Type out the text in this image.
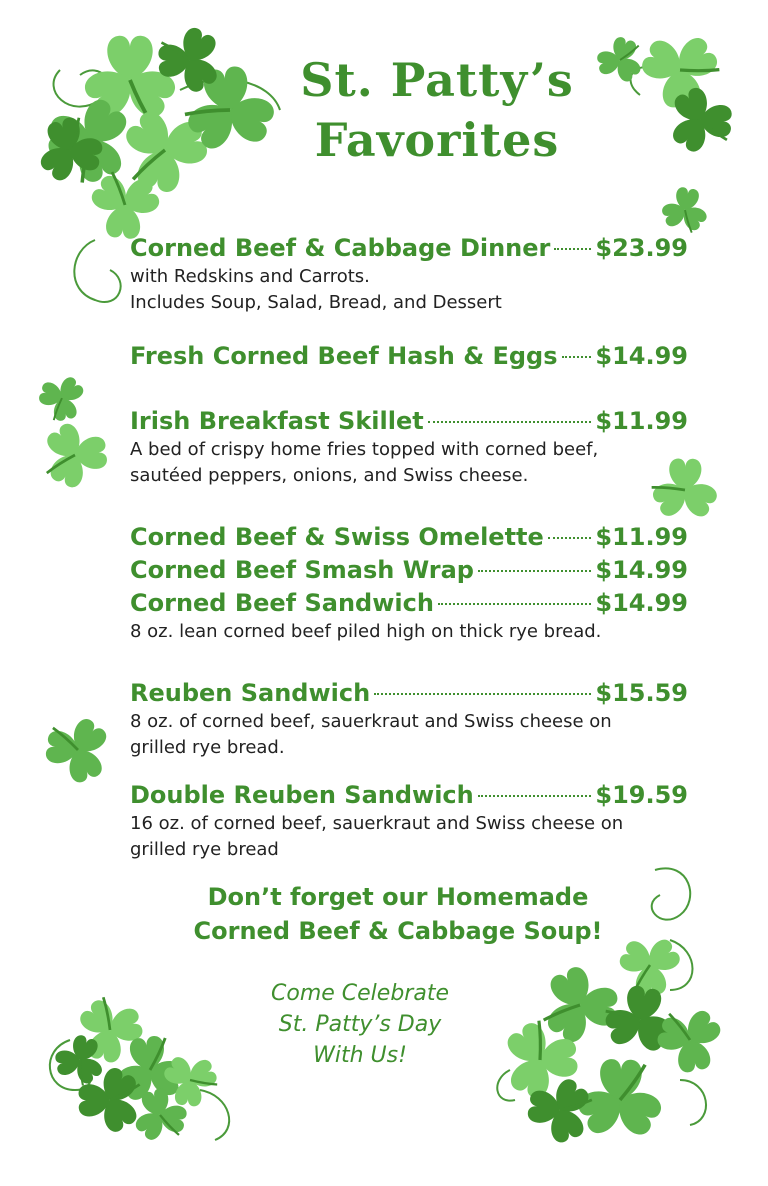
St. Patty’s
Favorites
Corned Beef & Cabbage Dinner $23.99
with Redskins and Carrots.
Includes Soup, Salad, Bread, and Dessert
Fresh Corned Beef Hash & Eggs $14.99
Irish Breakfast Skillet	$11.99
A bed of crispy home fries topped with corned beef,
sautéed peppers, onions, and Swiss cheese.
Corned Beef & Swiss Omelette $11.99
Corned Beef Smash Wrap	$14.99
Corned Beef Sandwich	$14.99
8 oz. lean corned beef piled high on thick rye bread.
Reuben Sandwich	$15.59
8 oz. of corned beef, sauerkraut and Swiss cheese on
grilled rye bread.
Double Reuben Sandwich	$19.59
16 oz. of corned beef, sauerkraut and Swiss cheese on
grilled rye bread
Don’t forget our Homemade
Corned Beef & Cabbage Soup!
Come Celebrate
St. Patty’s Day
With Us!
